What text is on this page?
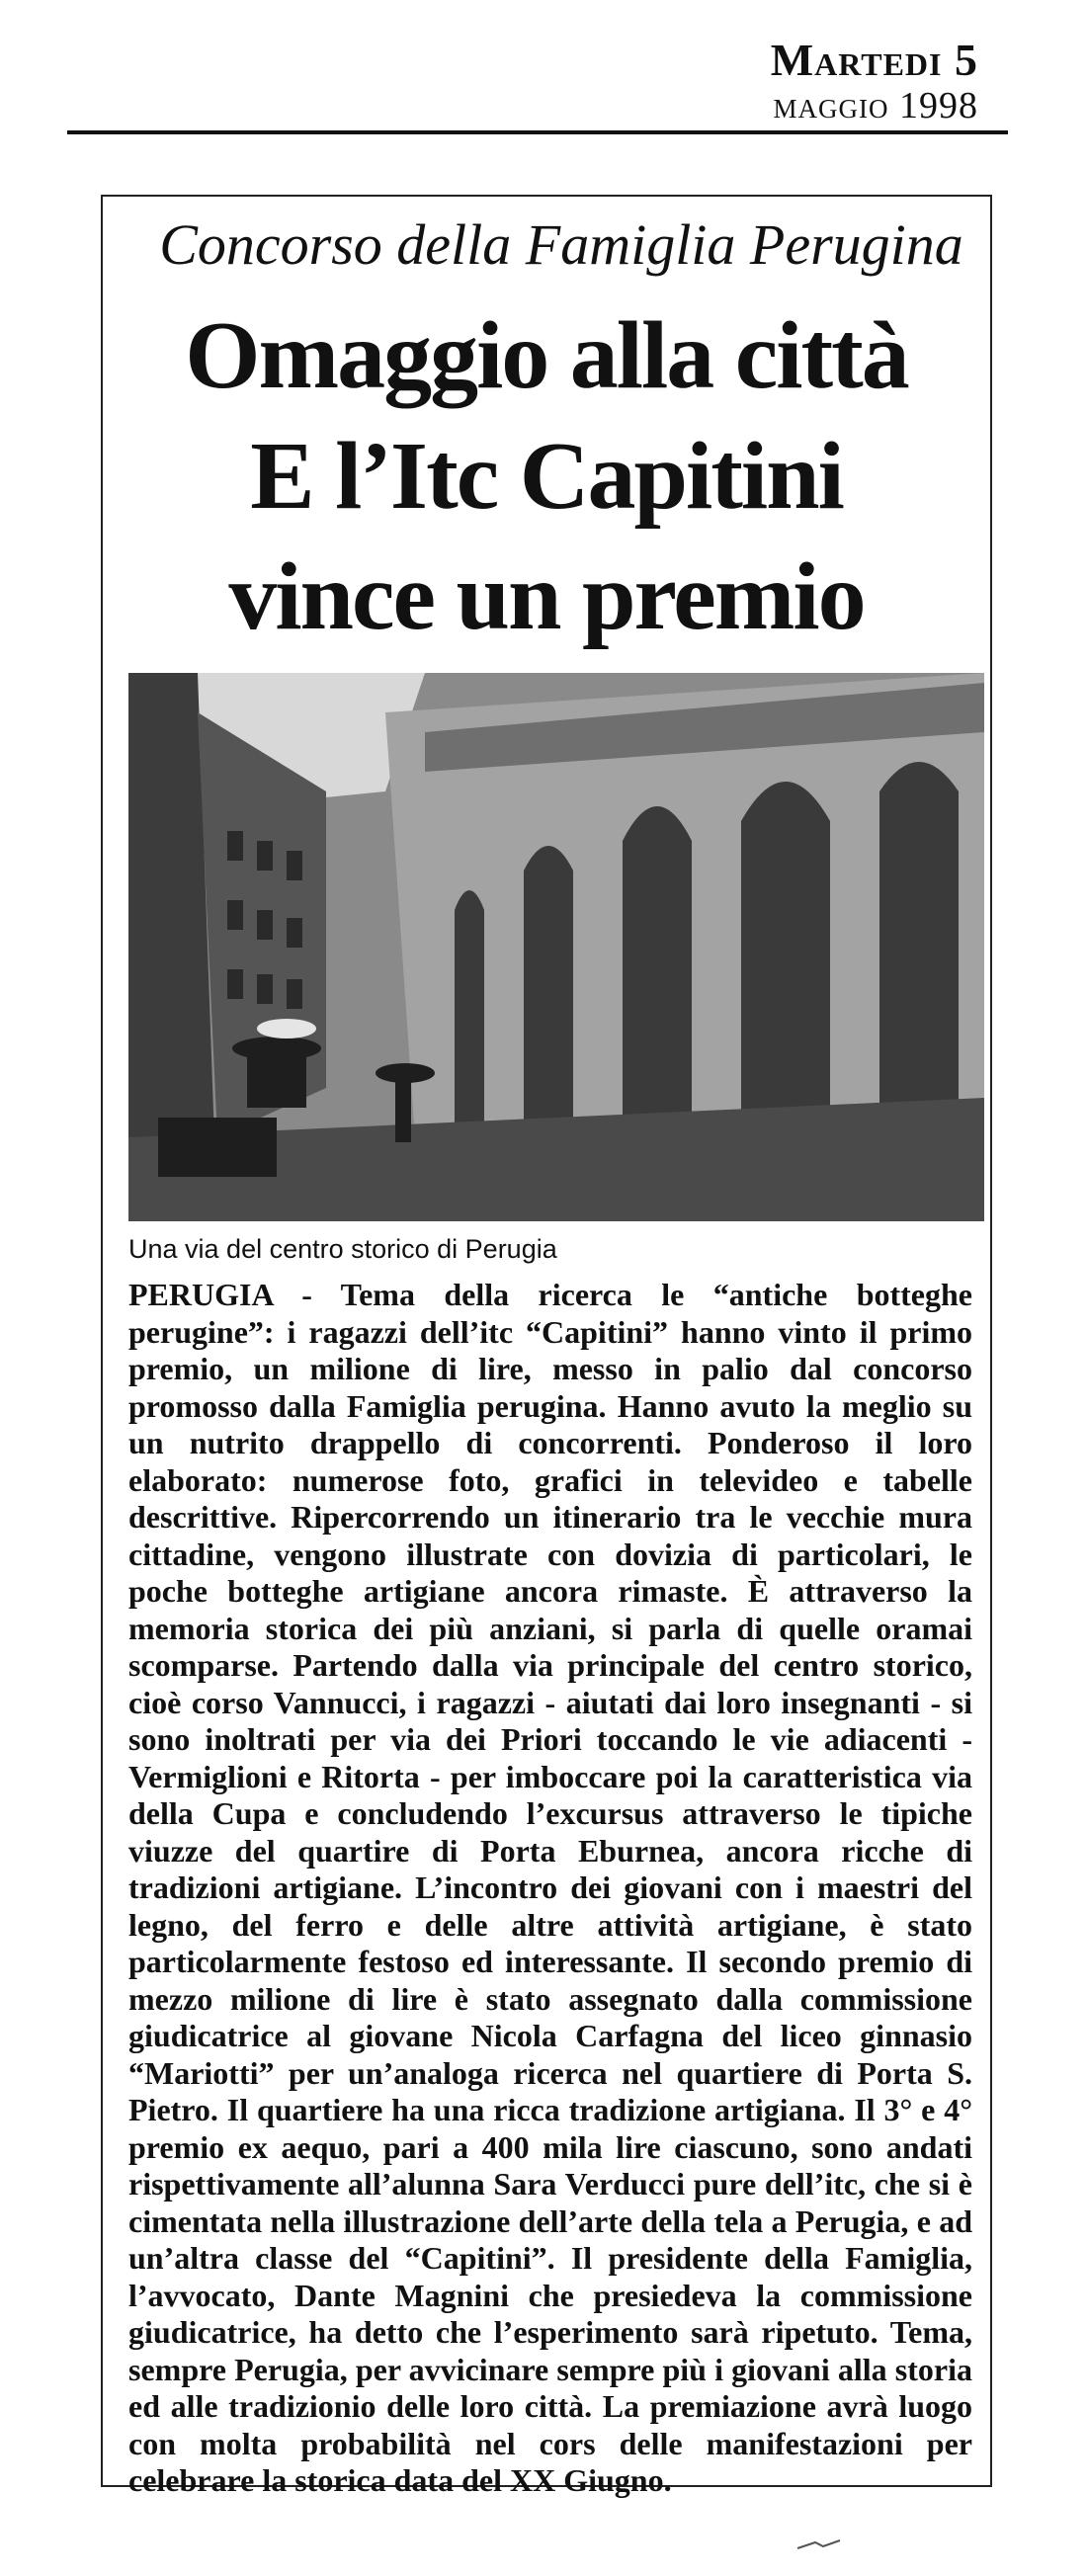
Martedi 5
maggio 1998
Concorso della Famiglia Perugina
Omaggio alla città
E l’Itc Capitini
vince un premio
Una via del centro storico di Perugia
PERUGIA - Tema della ricerca le “antiche botteghe perugine”: i ragazzi dell’itc “Capitini” hanno vinto il primo premio, un milione di lire, messo in palio dal concorso promosso dalla Famiglia perugina. Hanno avuto la meglio su un nutrito drappello di concorrenti. Ponderoso il loro elaborato: numerose foto, grafici in televideo e tabelle descrittive. Ripercorrendo un itinerario tra le vecchie mura cittadine, vengono illustrate con dovizia di particolari, le poche botteghe artigiane ancora rimaste. È attraverso la memoria storica dei più anziani, si parla di quelle oramai scomparse. Partendo dalla via principale del centro storico, cioè corso Vannucci, i ragazzi - aiutati dai loro insegnanti - si sono inoltrati per via dei Priori toccando le vie adiacenti - Vermiglioni e Ritorta - per imboccare poi la caratteristica via della Cupa e concludendo l’excursus attraverso le tipiche viuzze del quartire di Porta Eburnea, ancora ricche di tradizioni artigiane. L’incontro dei giovani con i maestri del legno, del ferro e delle altre attività artigiane, è stato particolarmente festoso ed interessante. Il secondo premio di mezzo milione di lire è stato assegnato dalla commissione giudicatrice al giovane Nicola Carfagna del liceo ginnasio “Mariotti” per un’analoga ricerca nel quartiere di Porta S. Pietro. Il quartiere ha una ricca tradizione artigiana. Il 3° e 4° premio ex aequo, pari a 400 mila lire ciascuno, sono andati rispettivamente all’alunna Sara Verducci pure dell’itc, che si è cimentata nella illustrazione dell’arte della tela a Perugia, e ad un’altra classe del “Capitini”. Il presidente della Famiglia, l’avvocato, Dante Magnini che presiedeva la commissione giudicatrice, ha detto che l’esperimento sarà ripetuto. Tema, sempre Perugia, per avvicinare sempre più i giovani alla storia ed alle tradizionio delle loro città. La premiazione avrà luogo con molta probabilità nel cors delle manifestazioni per celebrare la storica data del XX Giugno.
